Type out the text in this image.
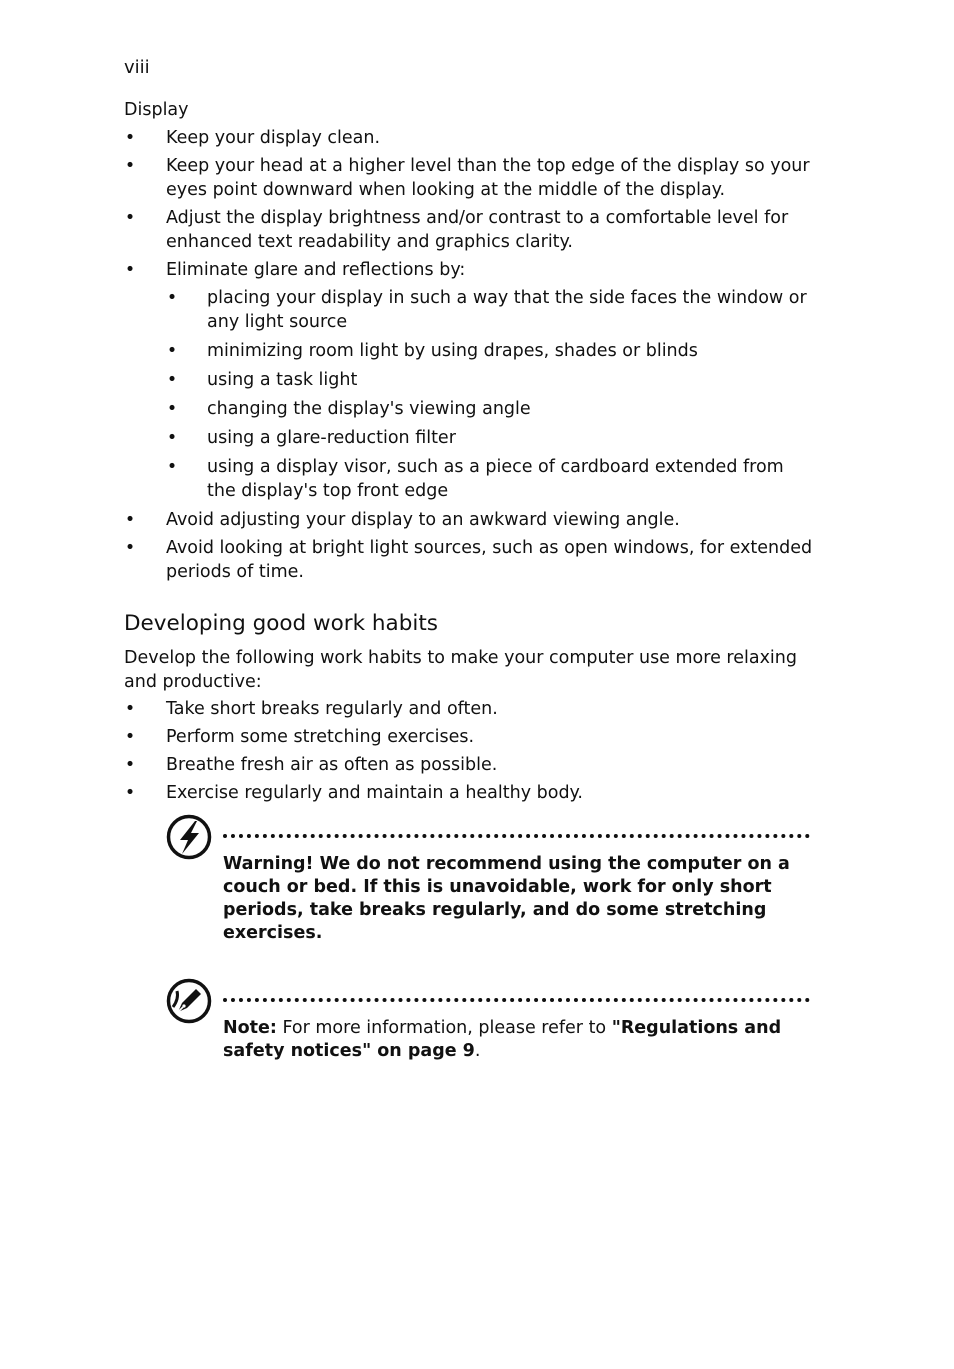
viii
Display
• Keep your display clean.
• Keep your head at a higher level than the top edge of the display so your eyes point downward when looking at the middle of the display.
• Adjust the display brightness and/or contrast to a comfortable level for enhanced text readability and graphics clarity.
• Eliminate glare and reflections by:
• placing your display in such a way that the side faces the window or any light source
• minimizing room light by using drapes, shades or blinds
• using a task light
• changing the display's viewing angle
• using a glare-reduction filter
• using a display visor, such as a piece of cardboard extended from the display's top front edge
• Avoid adjusting your display to an awkward viewing angle.
• Avoid looking at bright light sources, such as open windows, for extended periods of time.
Developing good work habits

Develop the following work habits to make your computer use more relaxing and productive:

• Take short breaks regularly and often.
• Perform some stretching exercises.
• Breathe fresh air as often as possible.
• Exercise regularly and maintain a healthy body.
Warning! We do not recommend using the computer on a couch or bed. If this is unavoidable, work for only short periods, take breaks regularly, and do some stretching exercises.
Note: For more information, please refer to "Regulations and safety notices" on page 9.
